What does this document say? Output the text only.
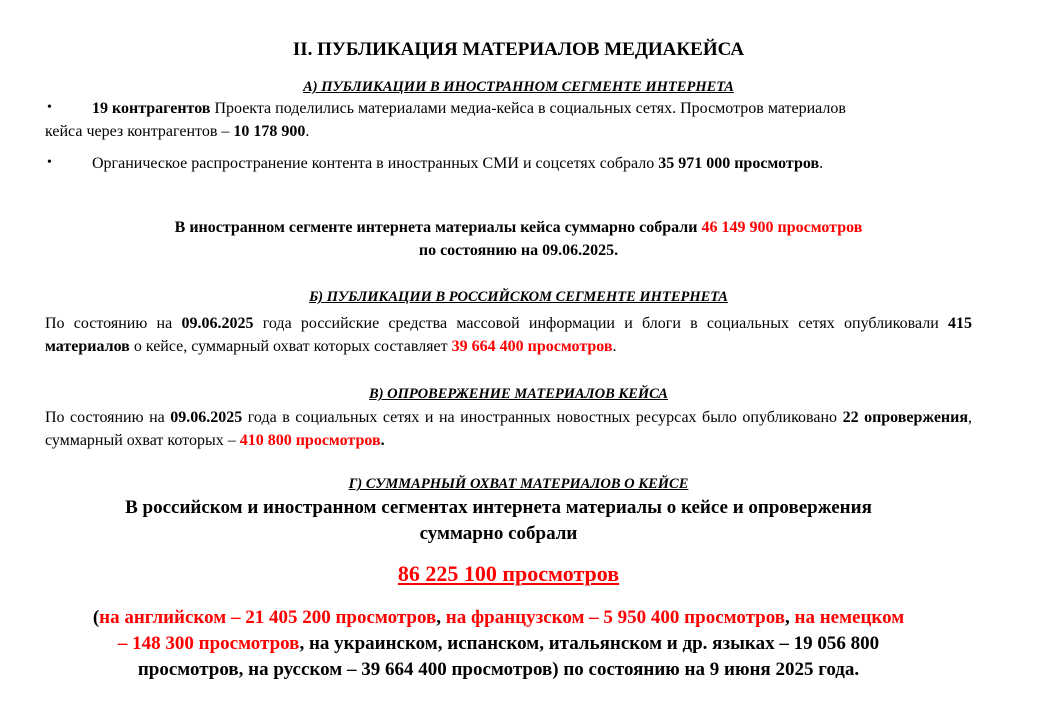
II. ПУБЛИКАЦИЯ МАТЕРИАЛОВ МЕДИАКЕЙСА
А) ПУБЛИКАЦИИ В ИНОСТРАННОМ СЕГМЕНТЕ ИНТЕРНЕТА
•	19 контрагентов Проекта поделились материалами медиа-кейса в социальных сетях. Просмотров материалов
кейса через контрагентов – 10 178 900.
•	Органическое распространение контента в иностранных СМИ и соцсетях собрало 35 971 000 просмотров.
В иностранном сегменте интернета материалы кейса суммарно собрали 46 149 900 просмотров
по состоянию на 09.06.2025.
Б) ПУБЛИКАЦИИ В РОССИЙСКОМ СЕГМЕНТЕ ИНТЕРНЕТА
По состоянию на 09.06.2025 года российские средства массовой информации и блоги в социальных сетях опубликовали 415 материалов о кейсе, суммарный охват которых составляет 39 664 400 просмотров.
В) ОПРОВЕРЖЕНИЕ МАТЕРИАЛОВ КЕЙСА
По состоянию на 09.06.2025 года в социальных сетях и на иностранных новостных ресурсах было опубликовано 22 опровержения, суммарный охват которых – 410 800 просмотров.
Г) СУММАРНЫЙ ОХВАТ МАТЕРИАЛОВ О КЕЙСЕ
В российском и иностранном сегментах интернета материалы о кейсе и опровержения
суммарно собрали
86 225 100 просмотров
(на английском – 21 405 200 просмотров, на французском – 5 950 400 просмотров, на немецком
– 148 300 просмотров, на украинском, испанском, итальянском и др. языках – 19 056 800
просмотров, на русском – 39 664 400 просмотров) по состоянию на 9 июня 2025 года.
